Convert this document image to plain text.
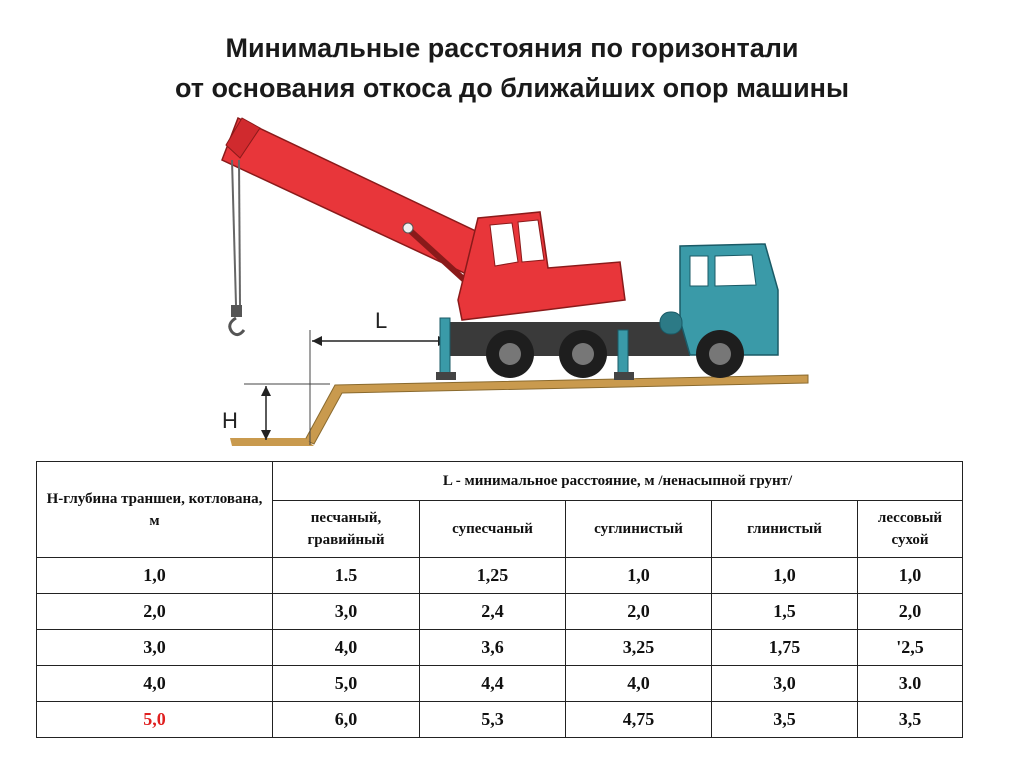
Минимальные расстояния по горизонтали
от основания откоса до ближайших опор машины
H
L
H-глубина траншеи, котлована, м	L - минимальное расстояние, м /ненасыпной грунт/				
	песчаный, гравийный	супесчаный	суглинистый	глинистый	лессовый сухой
1,0	1.5	1,25	1,0	1,0	1,0
2,0	3,0	2,4	2,0	1,5	2,0
3,0	4,0	3,6	3,25	1,75	'2,5
4,0	5,0	4,4	4,0	3,0	3.0
5,0	6,0	5,3	4,75	3,5	3,5
